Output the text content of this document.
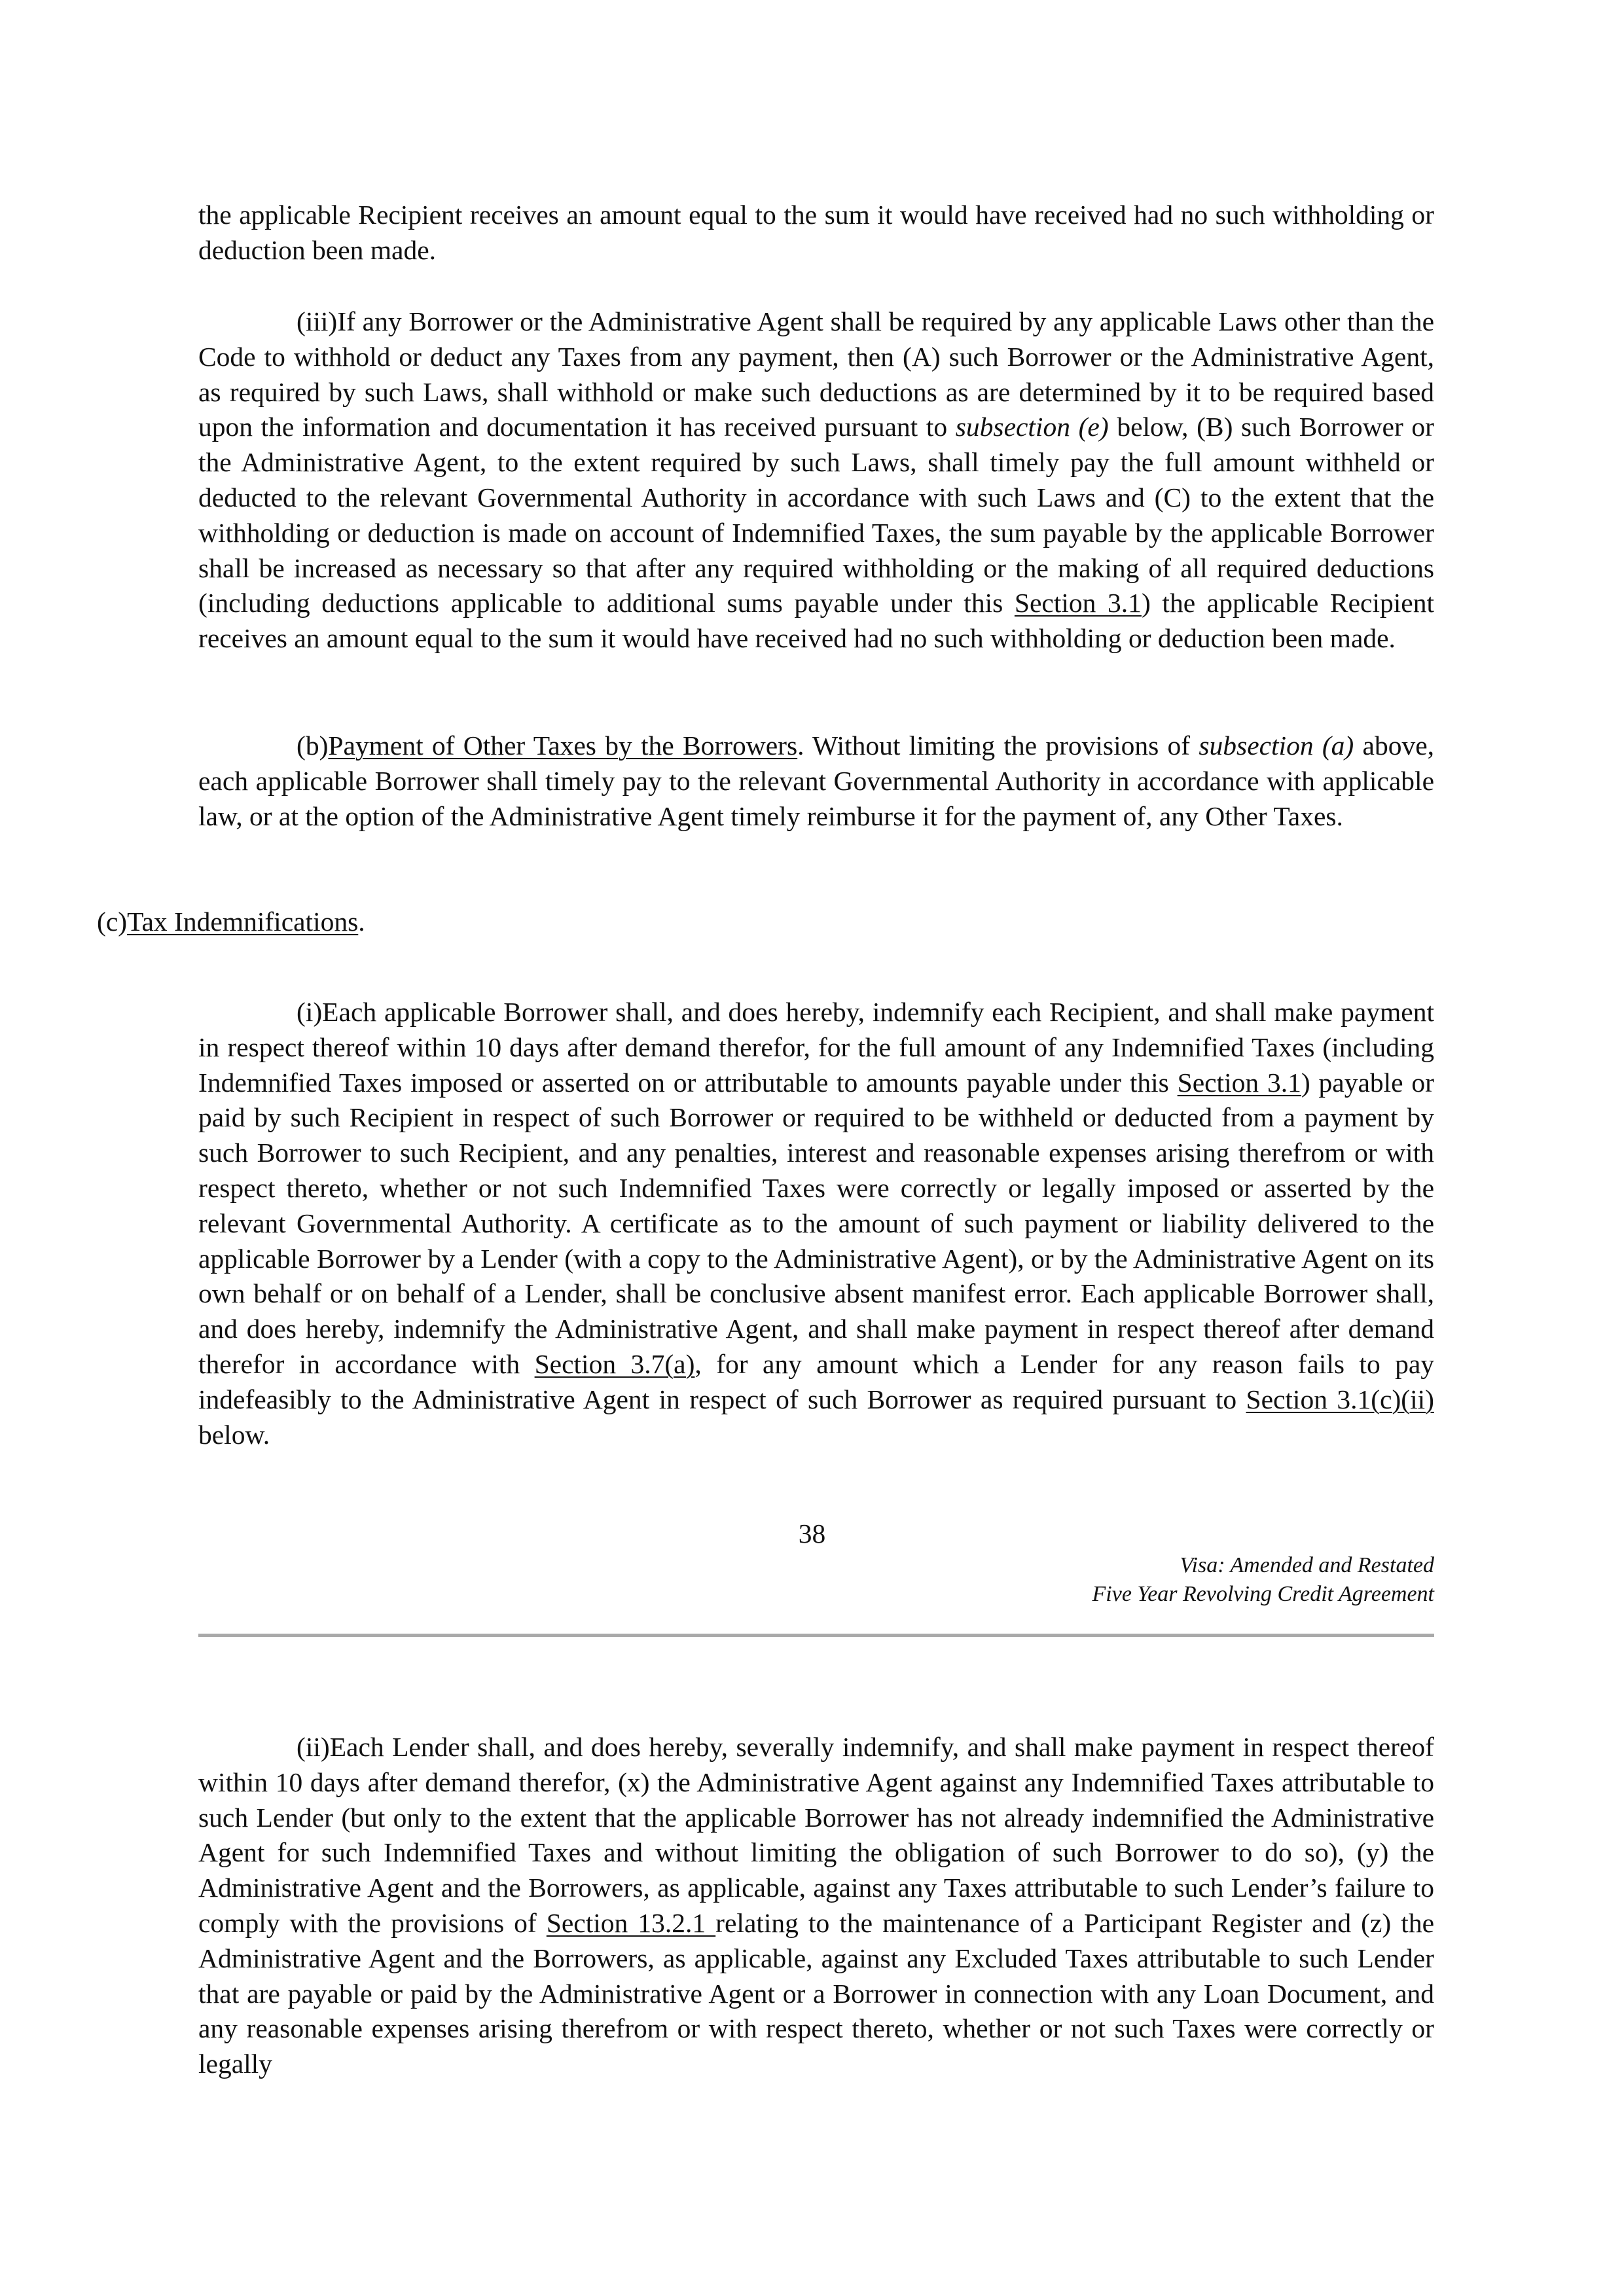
the applicable Recipient receives an amount equal to the sum it would have received had no such withholding or deduction been made.

(iii)If any Borrower or the Administrative Agent shall be required by any applicable Laws other than the Code to withhold or deduct any Taxes from any payment, then (A) such Borrower or the Administrative Agent, as required by such Laws, shall withhold or make such deductions as are determined by it to be required based upon the information and documentation it has received pursuant to subsection (e) below, (B) such Borrower or the Administrative Agent, to the extent required by such Laws, shall timely pay the full amount withheld or deducted to the relevant Governmental Authority in accordance with such Laws and (C) to the extent that the withholding or deduction is made on account of Indemnified Taxes, the sum payable by the applicable Borrower shall be increased as necessary so that after any required withholding or the making of all required deductions (including deductions applicable to additional sums payable under this Section 3.1) the applicable Recipient receives an amount equal to the sum it would have received had no such withholding or deduction been made.

(b)Payment of Other Taxes by the Borrowers. Without limiting the provisions of subsection (a) above, each applicable Borrower shall timely pay to the relevant Governmental Authority in accordance with applicable law, or at the option of the Administrative Agent timely reimburse it for the payment of, any Other Taxes.

(c)Tax Indemnifications.

(i)Each applicable Borrower shall, and does hereby, indemnify each Recipient, and shall make payment in respect thereof within 10 days after demand therefor, for the full amount of any Indemnified Taxes (including Indemnified Taxes imposed or asserted on or attributable to amounts payable under this Section 3.1) payable or paid by such Recipient in respect of such Borrower or required to be withheld or deducted from a payment by such Borrower to such Recipient, and any penalties, interest and reasonable expenses arising therefrom or with respect thereto, whether or not such Indemnified Taxes were correctly or legally imposed or asserted by the relevant Governmental Authority. A certificate as to the amount of such payment or liability delivered to the applicable Borrower by a Lender (with a copy to the Administrative Agent), or by the Administrative Agent on its own behalf or on behalf of a Lender, shall be conclusive absent manifest error. Each applicable Borrower shall, and does hereby, indemnify the Administrative Agent, and shall make payment in respect thereof after demand therefor in accordance with Section 3.7(a), for any amount which a Lender for any reason fails to pay indefeasibly to the Administrative Agent in respect of such Borrower as required pursuant to Section 3.1(c)(ii) below.

38
Visa: Amended and Restated
Five Year Revolving Credit Agreement

(ii)Each Lender shall, and does hereby, severally indemnify, and shall make payment in respect thereof within 10 days after demand therefor, (x) the Administrative Agent against any Indemnified Taxes attributable to such Lender (but only to the extent that the applicable Borrower has not already indemnified the Administrative Agent for such Indemnified Taxes and without limiting the obligation of such Borrower to do so), (y) the Administrative Agent and the Borrowers, as applicable, against any Taxes attributable to such Lender’s failure to comply with the provisions of Section 13.2.1 relating to the maintenance of a Participant Register and (z) the Administrative Agent and the Borrowers, as applicable, against any Excluded Taxes attributable to such Lender that are payable or paid by the Administrative Agent or a Borrower in connection with any Loan Document, and any reasonable expenses arising therefrom or with respect thereto, whether or not such Taxes were correctly or legally
